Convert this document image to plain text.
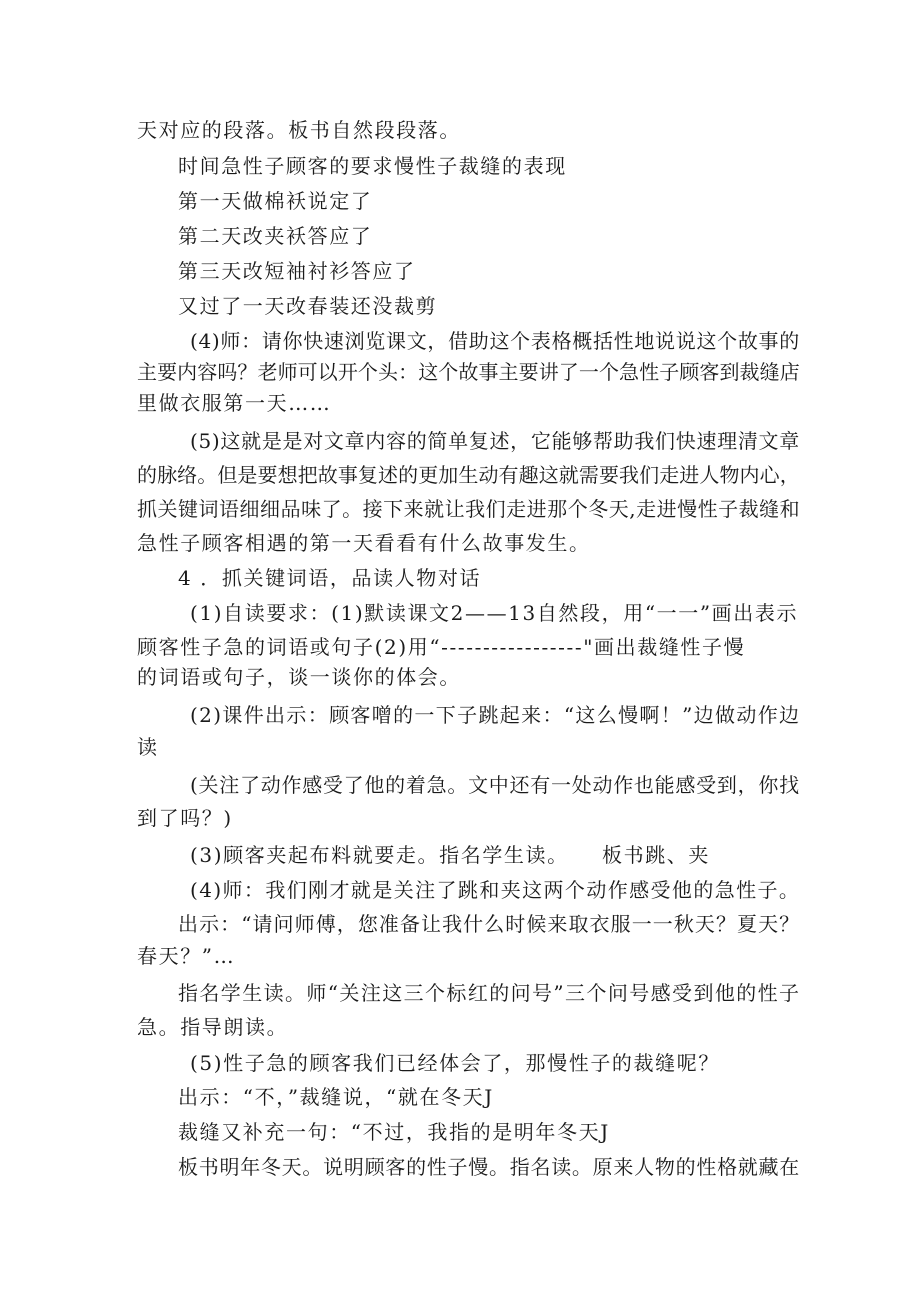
天对应的段落。板书自然段段落。
时间急性子顾客的要求慢性子裁缝的表现
第一天做棉袄说定了
第二天改夹袄答应了
第三天改短袖衬衫答应了
又过了一天改春装还没裁剪
(4)师：请你快速浏览课文，借助这个表格概括性地说说这个故事的
主要内容吗？老师可以开个头：这个故事主要讲了一个急性子顾客到裁缝店
里做衣服第一天……
(5)这就是是对文章内容的简单复述，它能够帮助我们快速理清文章
的脉络。但是要想把故事复述的更加生动有趣这就需要我们走进人物内心，
抓关键词语细细品味了。接下来就让我们走进那个冬天,走进慢性子裁缝和
急性子顾客相遇的第一天看看有什么故事发生。
4 ．抓关键词语，品读人物对话
(1)自读要求：(1)默读课文2——13自然段，用“一一”画出表示
顾客性子急的词语或句子(2)用“-----------------"画出裁缝性子慢
的词语或句子，谈一谈你的体会。
(2)课件出示：顾客噌的一下子跳起来：“这么慢啊！”边做动作边
读
(关注了动作感受了他的着急。文中还有一处动作也能感受到，你找
到了吗？)
(3)顾客夹起布料就要走。指名学生读。 板书跳、夹
(4)师：我们刚才就是关注了跳和夹这两个动作感受他的急性子。
出示：“请问师傅，您准备让我什么时候来取衣服一一秋天？夏天？
春天？”…
指名学生读。师“关注这三个标红的问号”三个问号感受到他的性子
急。指导朗读。
(5)性子急的顾客我们已经体会了，那慢性子的裁缝呢？
出示：“不，”裁缝说，“就在冬天J
裁缝又补充一句：“不过，我指的是明年冬天J
板书明年冬天。说明顾客的性子慢。指名读。原来人物的性格就藏在
